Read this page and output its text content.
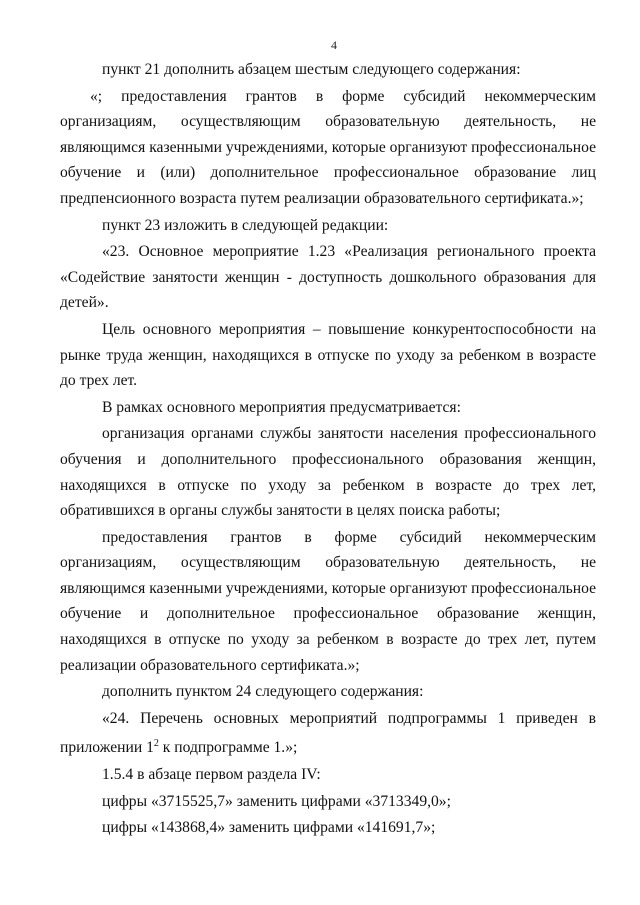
4

пункт 21 дополнить абзацем шестым следующего содержания:

«; предоставления грантов в форме субсидий некоммерческим организациям, осуществляющим образовательную деятельность, не являющимся казенными учреждениями, которые организуют профессиональное обучение и (или) дополнительное профессиональное образование лиц предпенсионного возраста путем реализации образовательного сертификата.»;

пункт 23 изложить в следующей редакции:

«23. Основное мероприятие 1.23 «Реализация регионального проекта «Содействие занятости женщин - доступность дошкольного образования для детей».

Цель основного мероприятия – повышение конкурентоспособности на рынке труда женщин, находящихся в отпуске по уходу за ребенком в возрасте до трех лет.

В рамках основного мероприятия предусматривается:

организация органами службы занятости населения профессионального обучения и дополнительного профессионального образования женщин, находящихся в отпуске по уходу за ребенком в возрасте до трех лет, обратившихся в органы службы занятости в целях поиска работы;

предоставления грантов в форме субсидий некоммерческим организациям, осуществляющим образовательную деятельность, не являющимся казенными учреждениями, которые организуют профессиональное обучение и дополнительное профессиональное образование женщин, находящихся в отпуске по уходу за ребенком в возрасте до трех лет, путем реализации образовательного сертификата.»;

дополнить пунктом 24 следующего содержания:

«24. Перечень основных мероприятий подпрограммы 1 приведен в приложении $1^2$ к подпрограмме 1.»;

1.5.4 в абзаце первом раздела IV:

цифры «3715525,7» заменить цифрами «3713349,0»;

цифры «143868,4» заменить цифрами «141691,7»;
